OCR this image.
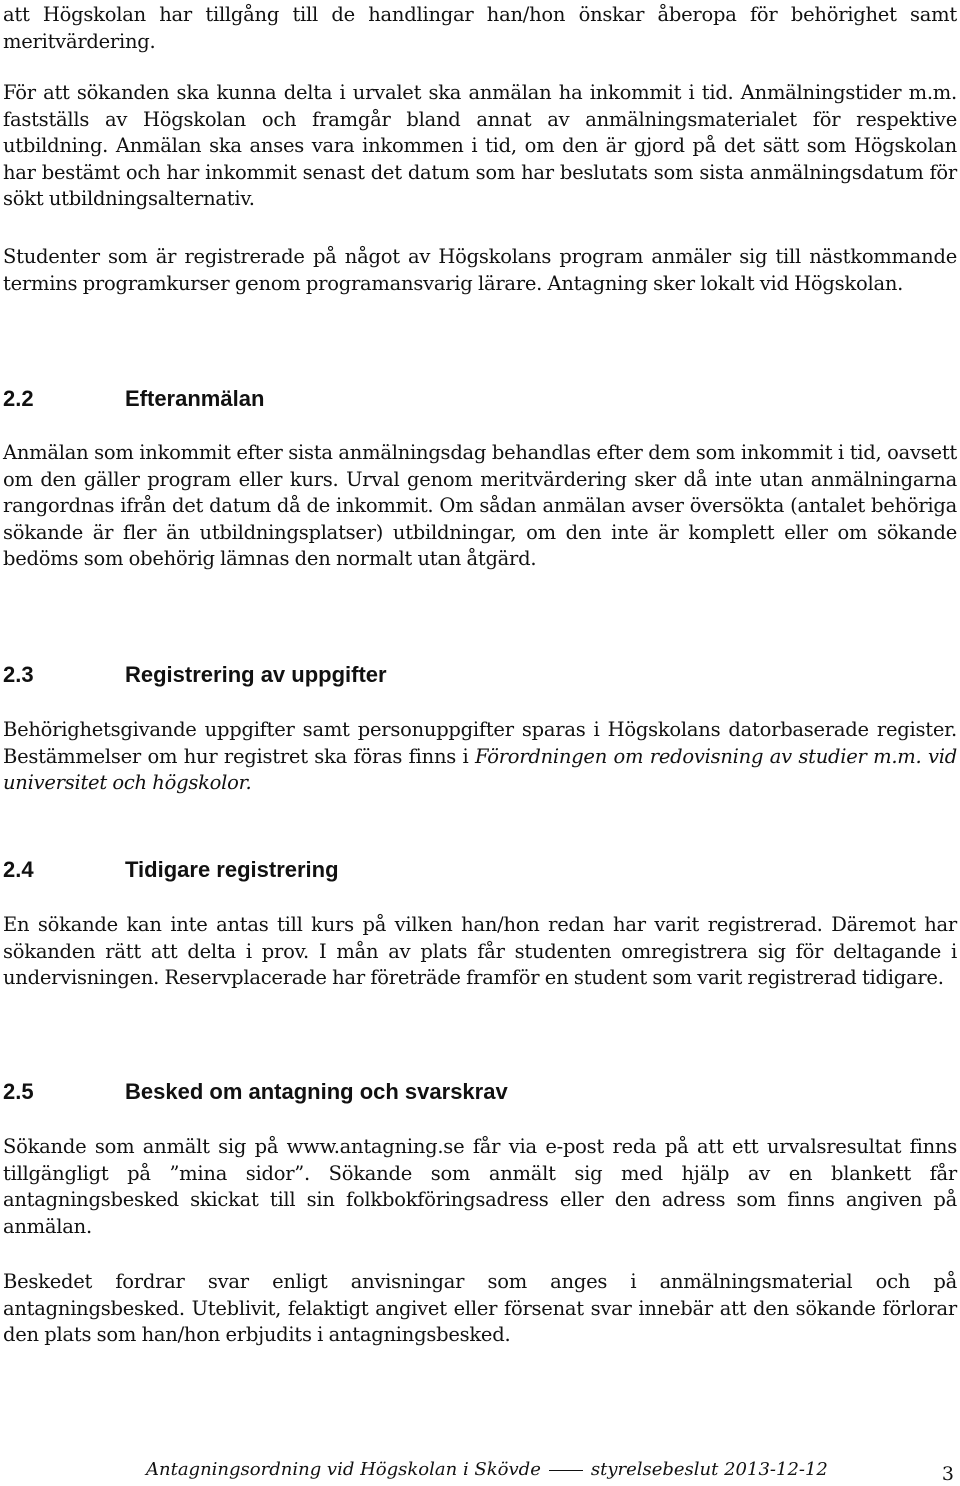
att Högskolan har tillgång till de handlingar han/hon önskar åberopa för behörighet samt meritvärdering.

För att sökanden ska kunna delta i urvalet ska anmälan ha inkommit i tid. Anmälningstider m.m. fastställs av Högskolan och framgår bland annat av anmälningsmaterialet för respektive utbildning. Anmälan ska anses vara inkommen i tid, om den är gjord på det sätt som Högskolan har bestämt och har inkommit senast det datum som har beslutats som sista anmälningsdatum för sökt utbildningsalternativ.

Studenter som är registrerade på något av Högskolans program anmäler sig till nästkommande termins programkurser genom programansvarig lärare. Antagning sker lokalt vid Högskolan.

2.2	Efteranmälan

Anmälan som inkommit efter sista anmälningsdag behandlas efter dem som inkommit i tid, oavsett om den gäller program eller kurs. Urval genom meritvärdering sker då inte utan anmälningarna rangordnas ifrån det datum då de inkommit. Om sådan anmälan avser översökta (antalet behöriga sökande är fler än utbildningsplatser) utbildningar, om den inte är komplett eller om sökande bedöms som obehörig lämnas den normalt utan åtgärd.

2.3	Registrering av uppgifter

Behörighetsgivande uppgifter samt personuppgifter sparas i Högskolans datorbaserade register. Bestämmelser om hur registret ska föras finns i Förordningen om redovisning av studier m.m. vid universitet och högskolor.

2.4	Tidigare registrering

En sökande kan inte antas till kurs på vilken han/hon redan har varit registrerad. Däremot har sökanden rätt att delta i prov. I mån av plats får studenten omregistrera sig för deltagande i undervisningen. Reservplacerade har företräde framför en student som varit registrerad tidigare.

2.5	Besked om antagning och svarskrav

Sökande som anmält sig på www.antagning.se får via e-post reda på att ett urvalsresultat finns tillgängligt på ”mina sidor”. Sökande som anmält sig med hjälp av en blankett får antagningsbesked skickat till sin folkbokföringsadress eller den adress som finns angiven på anmälan.

Beskedet fordrar svar enligt anvisningar som anges i anmälningsmaterial och på antagningsbesked. Uteblivit, felaktigt angivet eller försenat svar innebär att den sökande förlorar den plats som han/hon erbjudits i antagningsbesked.

Antagningsordning vid Högskolan i Skövde	styrelsebeslut 2013-12-12	3
